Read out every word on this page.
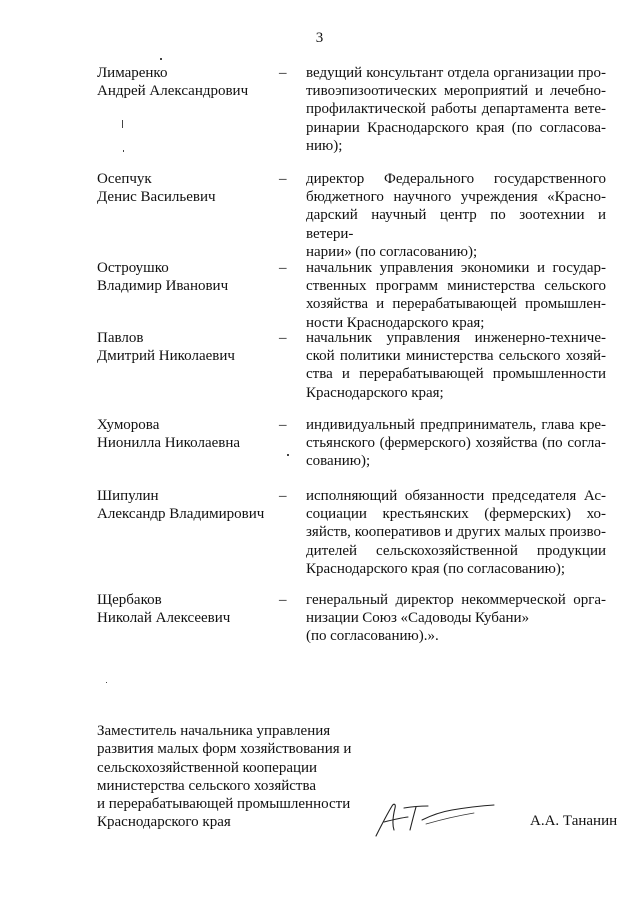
3
Лимаренко
Андрей Александрович
– ведущий консультант отдела организации про-
тивоэпизоотических мероприятий и лечебно-
профилактической работы департамента вете-
ринарии Краснодарского края (по согласова-
нию);
Осепчук
Денис Васильевич
– директор Федерального государственного
бюджетного научного учреждения «Красно-
дарский научный центр по зоотехнии и ветери-
нарии» (по согласованию);
Остроушко
Владимир Иванович
– начальник управления экономики и государ-
ственных программ министерства сельского
хозяйства и перерабатывающей промышлен-
ности Краснодарского края;
Павлов
Дмитрий Николаевич
– начальник управления инженерно-техниче-
ской политики министерства сельского хозяй-
ства и перерабатывающей промышленности
Краснодарского края;
Хуморова
Нионилла Николаевна
– индивидуальный предприниматель, глава кре-
стьянского (фермерского) хозяйства (по согла-
сованию);
Шипулин
Александр Владимирович
– исполняющий обязанности председателя Ас-
социации крестьянских (фермерских) хо-
зяйств, кооперативов и других малых произво-
дителей сельскохозяйственной продукции
Краснодарского края (по согласованию);
Щербаков
Николай Алексеевич
– генеральный директор некоммерческой орга-
низации Союз «Садоводы Кубани»
(по согласованию).».
Заместитель начальника управления
развития малых форм хозяйствования и
сельскохозяйственной кооперации
министерства сельского хозяйства
и перерабатывающей промышленности
Краснодарского края	А.А. Тананин
